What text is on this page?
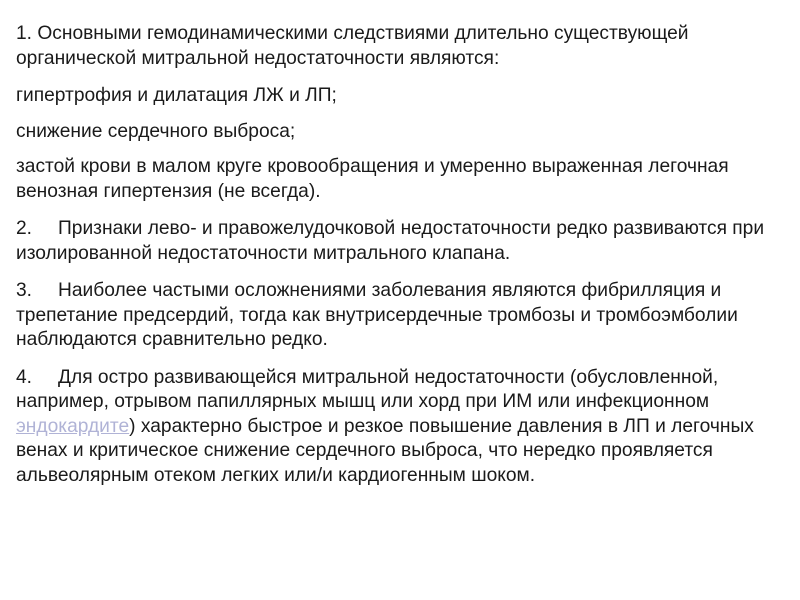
1. Основными гемодинамическими следствиями длительно существующей органической митральной недостаточности являются:

гипертрофия и дилатация ЛЖ и ЛП;

снижение сердечного выброса;

застой крови в малом круге кровообращения и умеренно выраженная легочная венозная гипертензия (не всегда).

2. Признаки лево- и правожелудочковой недостаточности редко развиваются при изолированной недостаточности митрального клапана.

3. Наиболее частыми осложнениями заболевания являются фибрилляция и трепетание предсердий, тогда как внутрисердечные тромбозы и тромбоэмболии наблюдаются сравнительно редко.

4. Для остро развивающейся митральной недостаточности (обусловленной, например, отрывом папиллярных мышц или хорд при ИМ или инфекционном эндокардите) характерно быстрое и резкое повышение давления в ЛП и легочных венах и критическое снижение сердечного выброса, что нередко проявляется альвеолярным отеком легких или/и кардиогенным шоком.
